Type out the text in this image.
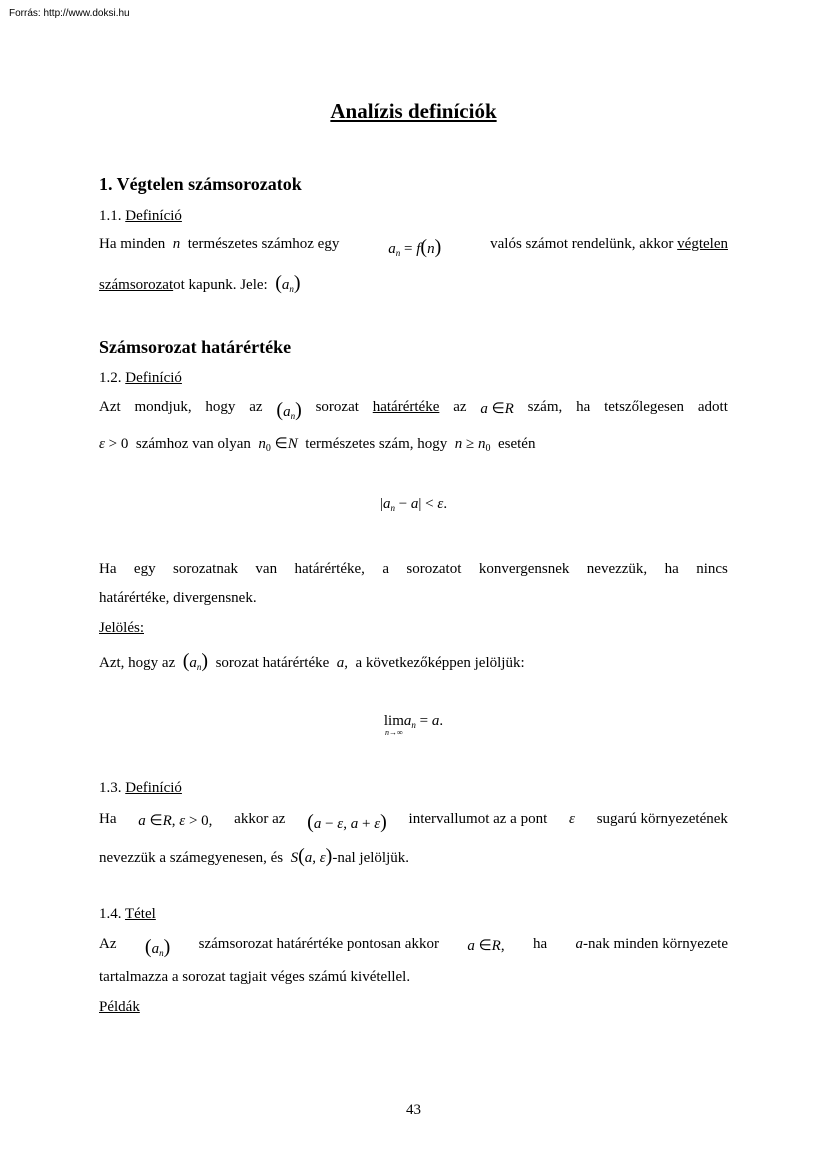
Forrás: http://www.doksi.hu
Analízis definíciók
1. Végtelen számsorozatok
1.1. Definíció
Ha minden n természetes számhoz egy	$a_n = f(n)$	valós számot rendelünk, akkor végtelen
számsorozatot kapunk. Jele: $(a_n)$
Számsorozat határértéke
1.2. Definíció
Azt mondjuk, hogy az $(a_n)$ sorozat határértéke az a ∈R szám, ha tetszőlegesen adott
ε > 0  számhoz van olyan $n_0$ ∈N természetes szám, hogy $n \ge n_0$ esetén
$|a_n - a| < \varepsilon$.
Ha egy sorozatnak van határértéke, a sorozatot konvergensnek nevezzük, ha nincs
határértéke, divergensnek.
Jelölés:
Azt, hogy az $(a_n)$ sorozat határértéke a,  a következőképpen jelöljük:
lim
n→∞
$a_n = a$.
1.3. Definíció
Ha a ∈R, ε > 0, akkor az (a − ε, a + ε) intervallumot az a pont ε sugarú környezetének
nevezzük a számegyenesen, és S(a, ε)-nal jelöljük.
1.4. Tétel
Az $(a_n)$ számsorozat határértéke pontosan akkor a ∈R, ha a-nak minden környezete
tartalmazza a sorozat tagjait véges számú kivétellel.
Példák
43
